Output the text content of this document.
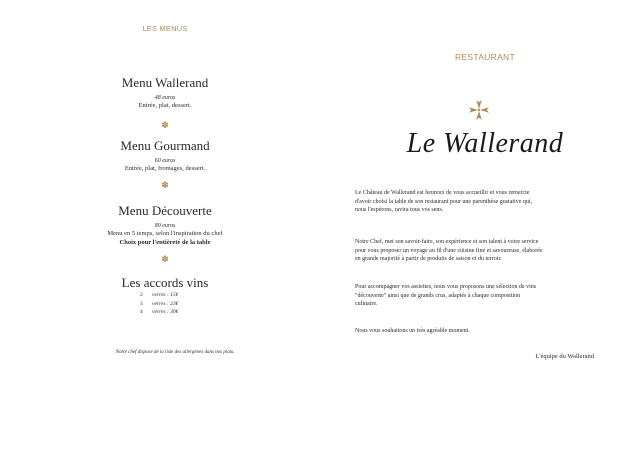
LES MENUS
Menu Wallerand
48 euros
Entrée, plat, dessert.
✽
Menu Gourmand
60 euros
Entrée, plat, fromages, dessert.
✽
Menu Découverte
80 euros
Menu en 5 temps, selon l'inspiration du chef
Choix pour l'entièreté de la table
✽
Les accords vins
2 verres : 15€
3 verres : 23€
4 verres : 30€
Notre chef dispose de la liste des allergènes dans nos plats.
RESTAURANT
Le Wallerand
Le Château de Wallerand est heureux de vous accueillir et vous remercie
d'avoir choisi la table de son restaurant pour une parenthèse gustative qui,
nous l'espérons, ravira tous vos sens.
Notre Chef, met son savoir-faire, son expérience et son talent à votre service
pour vous proposer un voyage au fil d'une cuisine fine et savoureuse, élaborée
en grande majorité à partir de produits de saison et du terroir.
Pour accompagner vos assiettes, nous vous proposons une sélection de vins
"découverte" ainsi que de grands crus, adaptés à chaque composition
culinaire.
Nous vous souhaitons un très agréable moment.
L'équipe du Wallerand
